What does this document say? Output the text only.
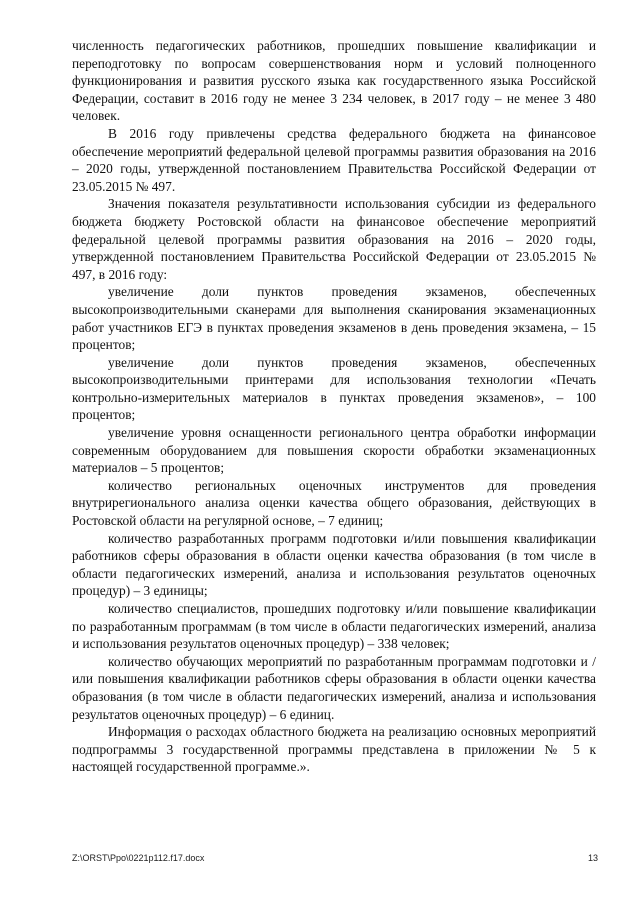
численность педагогических работников, прошедших повышение квалификации и переподготовку по вопросам совершенствования норм и условий полноценного функционирования и развития русского языка как государственного языка Российской Федерации, составит в 2016 году не менее 3 234 человек, в 2017 году – не менее 3 480 человек.

В 2016 году привлечены средства федерального бюджета на финансовое обеспечение мероприятий федеральной целевой программы развития образования на 2016 – 2020 годы, утвержденной постановлением Правительства Российской Федерации от 23.05.2015 № 497.

Значения показателя результативности использования субсидии из федерального бюджета бюджету Ростовской области на финансовое обеспечение мероприятий федеральной целевой программы развития образования на 2016 – 2020 годы, утвержденной постановлением Правительства Российской Федерации от 23.05.2015 № 497, в 2016 году:

увеличение доли пунктов проведения экзаменов, обеспеченных высокопроизводительными сканерами для выполнения сканирования экзаменационных работ участников ЕГЭ в пунктах проведения экзаменов в день проведения экзамена, – 15 процентов;

увеличение доли пунктов проведения экзаменов, обеспеченных высокопроизводительными принтерами для использования технологии «Печать контрольно-измерительных материалов в пунктах проведения экзаменов», – 100 процентов;

увеличение уровня оснащенности регионального центра обработки информации современным оборудованием для повышения скорости обработки экзаменационных материалов – 5 процентов;

количество региональных оценочных инструментов для проведения внутрирегионального анализа оценки качества общего образования, действующих в Ростовской области на регулярной основе, – 7 единиц;

количество разработанных программ подготовки и/или повышения квалификации работников сферы образования в области оценки качества образования (в том числе в области педагогических измерений, анализа и использования результатов оценочных процедур) – 3 единицы;

количество специалистов, прошедших подготовку и/или повышение квалификации по разработанным программам (в том числе в области педагогических измерений, анализа и использования результатов оценочных процедур) – 338 человек;

количество обучающих мероприятий по разработанным программам подготовки и /или повышения квалификации работников сферы образования в области оценки качества образования (в том числе в области педагогических измерений, анализа и использования результатов оценочных процедур) – 6 единиц.

Информация о расходах областного бюджета на реализацию основных мероприятий подпрограммы 3 государственной программы представлена в приложении № 5 к настоящей государственной программе.».

Z:\ORST\Ppo\0221p112.f17.docx	13
